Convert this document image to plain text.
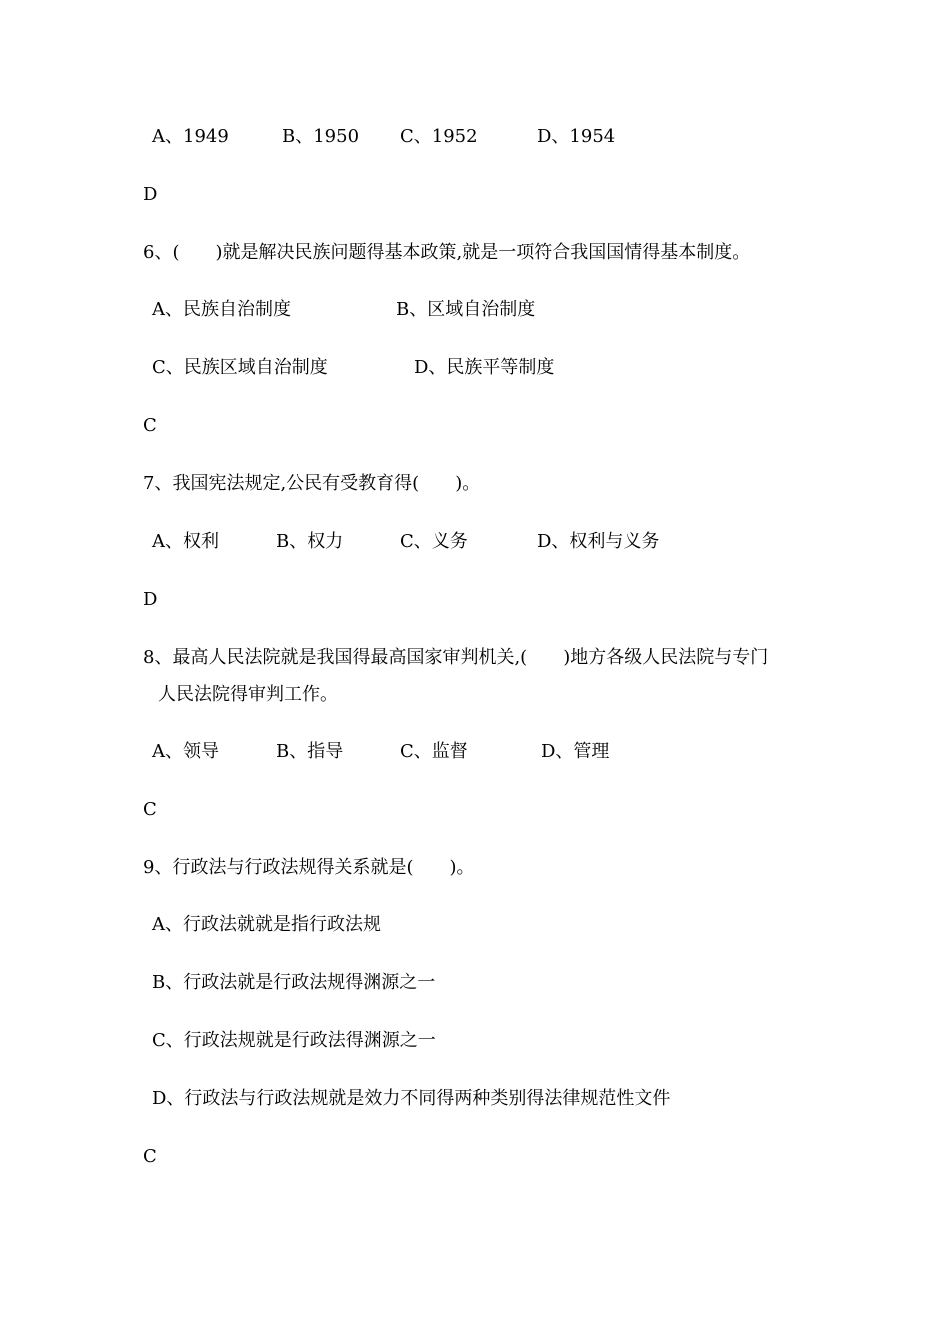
A、1949	B、1950 C、1952	D、1954
D
6、(　　)就是解决民族问题得基本政策,就是一项符合我国国情得基本制度。
A、民族自治制度	B、区域自治制度
C、民族区域自治制度	D、民族平等制度
C
7、我国宪法规定,公民有受教育得(　　)。
A、权利	B、权力	C、义务	D、权利与义务
D
8、最高人民法院就是我国得最高国家审判机关,(　　)地方各级人民法院与专门
人民法院得审判工作。
A、领导	B、指导	C、监督	D、管理
C
9、行政法与行政法规得关系就是(　　)。
A、行政法就就是指行政法规
B、行政法就是行政法规得渊源之一
C、行政法规就是行政法得渊源之一
D、行政法与行政法规就是效力不同得两种类别得法律规范性文件
C
